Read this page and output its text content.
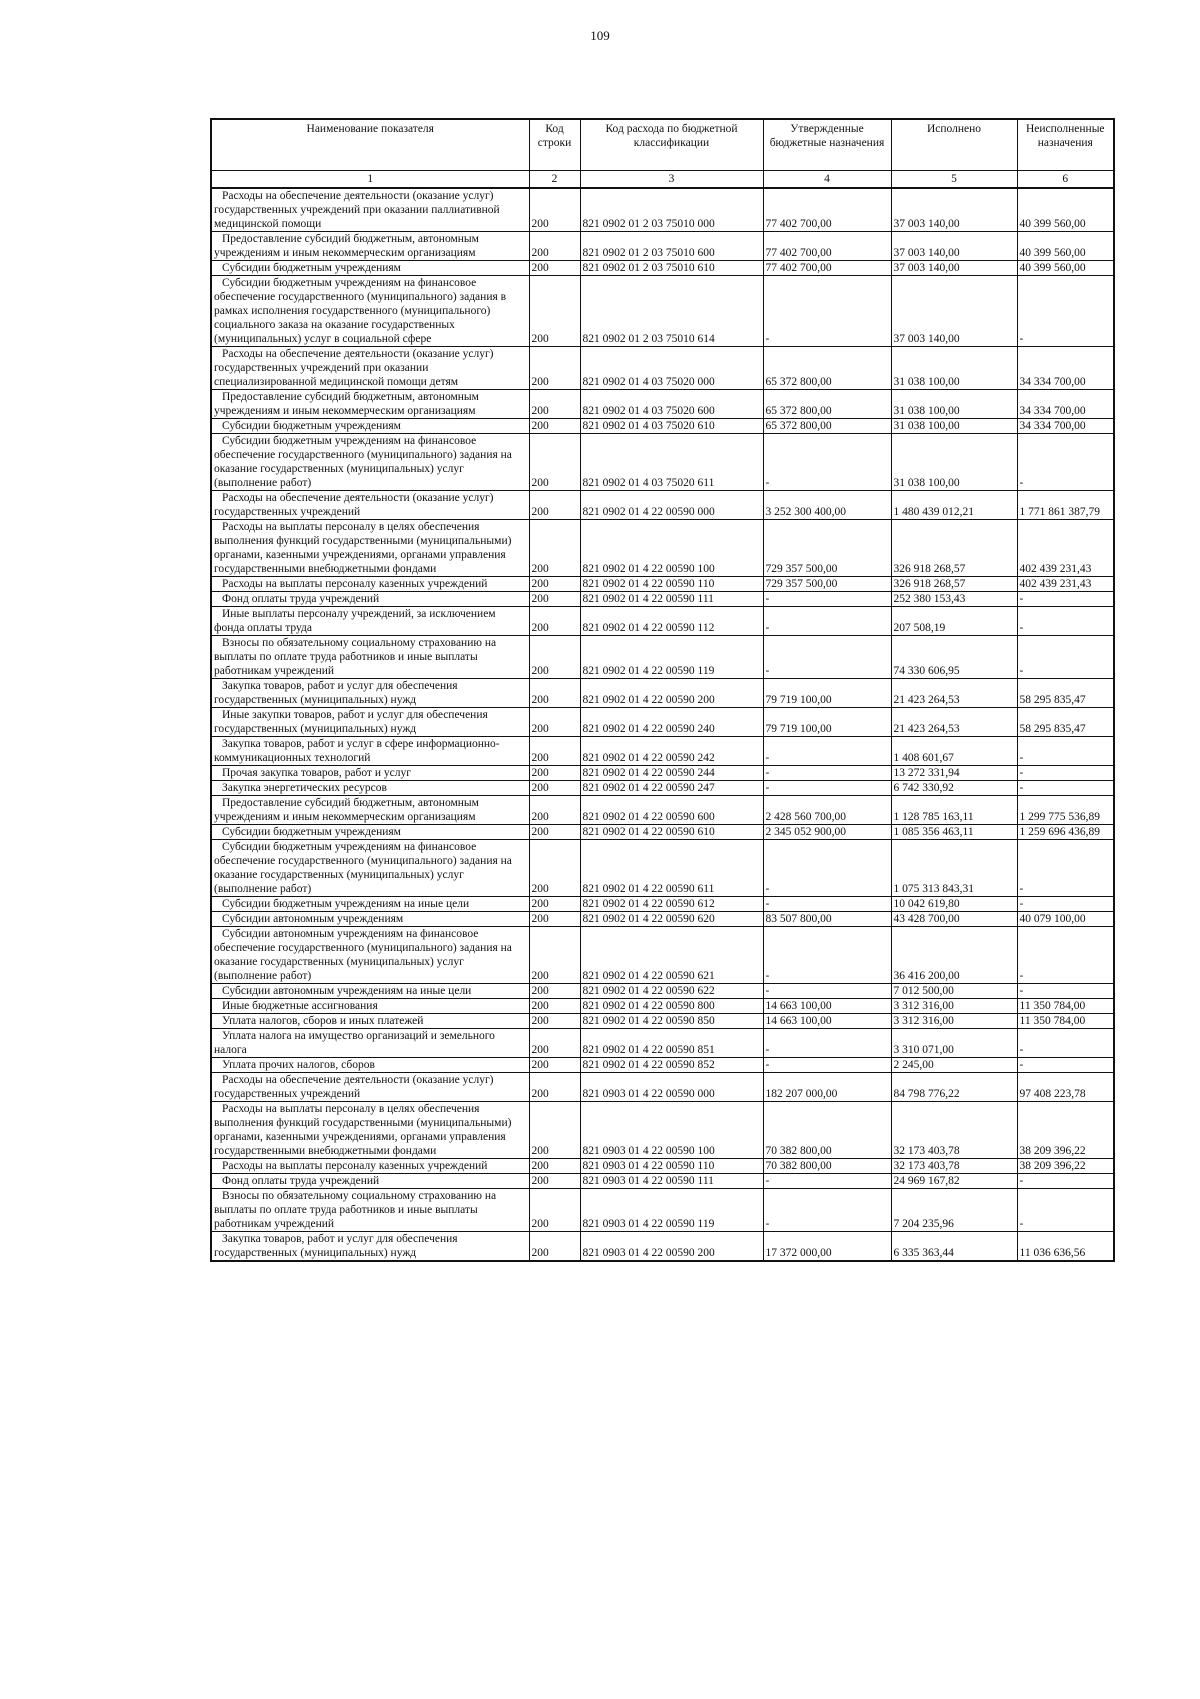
109
Наименование показателя	Код строки	Код расхода по бюджетной классификации	Утвержденные бюджетные назначения	Исполнено	Неисполненные назначения
1	2	3	4	5	6
Расходы на обеспечение деятельности (оказание услуг) государственных учреждений при оказании паллиативной медицинской помощи	200	821 0902 01 2 03 75010 000	77 402 700,00	37 003 140,00	40 399 560,00
Предоставление субсидий бюджетным, автономным учреждениям и иным некоммерческим организациям	200	821 0902 01 2 03 75010 600	77 402 700,00	37 003 140,00	40 399 560,00
Субсидии бюджетным учреждениям	200	821 0902 01 2 03 75010 610	77 402 700,00	37 003 140,00	40 399 560,00
Субсидии бюджетным учреждениям на финансовое обеспечение государственного (муниципального) задания в рамках исполнения государственного (муниципального) социального заказа на оказание государственных (муниципальных) услуг в социальной сфере	200	821 0902 01 2 03 75010 614	-	37 003 140,00	-
Расходы на обеспечение деятельности (оказание услуг) государственных учреждений при оказании специализированной медицинской помощи детям	200	821 0902 01 4 03 75020 000	65 372 800,00	31 038 100,00	34 334 700,00
Предоставление субсидий бюджетным, автономным учреждениям и иным некоммерческим организациям	200	821 0902 01 4 03 75020 600	65 372 800,00	31 038 100,00	34 334 700,00
Субсидии бюджетным учреждениям	200	821 0902 01 4 03 75020 610	65 372 800,00	31 038 100,00	34 334 700,00
Субсидии бюджетным учреждениям на финансовое обеспечение государственного (муниципального) задания на оказание государственных (муниципальных) услуг (выполнение работ)	200	821 0902 01 4 03 75020 611	-	31 038 100,00	-
Расходы на обеспечение деятельности (оказание услуг) государственных учреждений	200	821 0902 01 4 22 00590 000	3 252 300 400,00	1 480 439 012,21	1 771 861 387,79
Расходы на выплаты персоналу в целях обеспечения выполнения функций государственными (муниципальными) органами, казенными учреждениями, органами управления государственными внебюджетными фондами	200	821 0902 01 4 22 00590 100	729 357 500,00	326 918 268,57	402 439 231,43
Расходы на выплаты персоналу казенных учреждений	200	821 0902 01 4 22 00590 110	729 357 500,00	326 918 268,57	402 439 231,43
Фонд оплаты труда учреждений	200	821 0902 01 4 22 00590 111	-	252 380 153,43	-
Иные выплаты персоналу учреждений, за исключением фонда оплаты труда	200	821 0902 01 4 22 00590 112	-	207 508,19	-
Взносы по обязательному социальному страхованию на выплаты по оплате труда работников и иные выплаты работникам учреждений	200	821 0902 01 4 22 00590 119	-	74 330 606,95	-
Закупка товаров, работ и услуг для обеспечения государственных (муниципальных) нужд	200	821 0902 01 4 22 00590 200	79 719 100,00	21 423 264,53	58 295 835,47
Иные закупки товаров, работ и услуг для обеспечения государственных (муниципальных) нужд	200	821 0902 01 4 22 00590 240	79 719 100,00	21 423 264,53	58 295 835,47
Закупка товаров, работ и услуг в сфере информационно-коммуникационных технологий	200	821 0902 01 4 22 00590 242	-	1 408 601,67	-
Прочая закупка товаров, работ и услуг	200	821 0902 01 4 22 00590 244	-	13 272 331,94	-
Закупка энергетических ресурсов	200	821 0902 01 4 22 00590 247	-	6 742 330,92	-
Предоставление субсидий бюджетным, автономным учреждениям и иным некоммерческим организациям	200	821 0902 01 4 22 00590 600	2 428 560 700,00	1 128 785 163,11	1 299 775 536,89
Субсидии бюджетным учреждениям	200	821 0902 01 4 22 00590 610	2 345 052 900,00	1 085 356 463,11	1 259 696 436,89
Субсидии бюджетным учреждениям на финансовое обеспечение государственного (муниципального) задания на оказание государственных (муниципальных) услуг (выполнение работ)	200	821 0902 01 4 22 00590 611	-	1 075 313 843,31	-
Субсидии бюджетным учреждениям на иные цели	200	821 0902 01 4 22 00590 612	-	10 042 619,80	-
Субсидии автономным учреждениям	200	821 0902 01 4 22 00590 620	83 507 800,00	43 428 700,00	40 079 100,00
Субсидии автономным учреждениям на финансовое обеспечение государственного (муниципального) задания на оказание государственных (муниципальных) услуг (выполнение работ)	200	821 0902 01 4 22 00590 621	-	36 416 200,00	-
Субсидии автономным учреждениям на иные цели	200	821 0902 01 4 22 00590 622	-	7 012 500,00	-
Иные бюджетные ассигнования	200	821 0902 01 4 22 00590 800	14 663 100,00	3 312 316,00	11 350 784,00
Уплата налогов, сборов и иных платежей	200	821 0902 01 4 22 00590 850	14 663 100,00	3 312 316,00	11 350 784,00
Уплата налога на имущество организаций и земельного налога	200	821 0902 01 4 22 00590 851	-	3 310 071,00	-
Уплата прочих налогов, сборов	200	821 0902 01 4 22 00590 852	-	2 245,00	-
Расходы на обеспечение деятельности (оказание услуг) государственных учреждений	200	821 0903 01 4 22 00590 000	182 207 000,00	84 798 776,22	97 408 223,78
Расходы на выплаты персоналу в целях обеспечения выполнения функций государственными (муниципальными) органами, казенными учреждениями, органами управления государственными внебюджетными фондами	200	821 0903 01 4 22 00590 100	70 382 800,00	32 173 403,78	38 209 396,22
Расходы на выплаты персоналу казенных учреждений	200	821 0903 01 4 22 00590 110	70 382 800,00	32 173 403,78	38 209 396,22
Фонд оплаты труда учреждений	200	821 0903 01 4 22 00590 111	-	24 969 167,82	-
Взносы по обязательному социальному страхованию на выплаты по оплате труда работников и иные выплаты работникам учреждений	200	821 0903 01 4 22 00590 119	-	7 204 235,96	-
Закупка товаров, работ и услуг для обеспечения государственных (муниципальных) нужд	200	821 0903 01 4 22 00590 200	17 372 000,00	6 335 363,44	11 036 636,56
